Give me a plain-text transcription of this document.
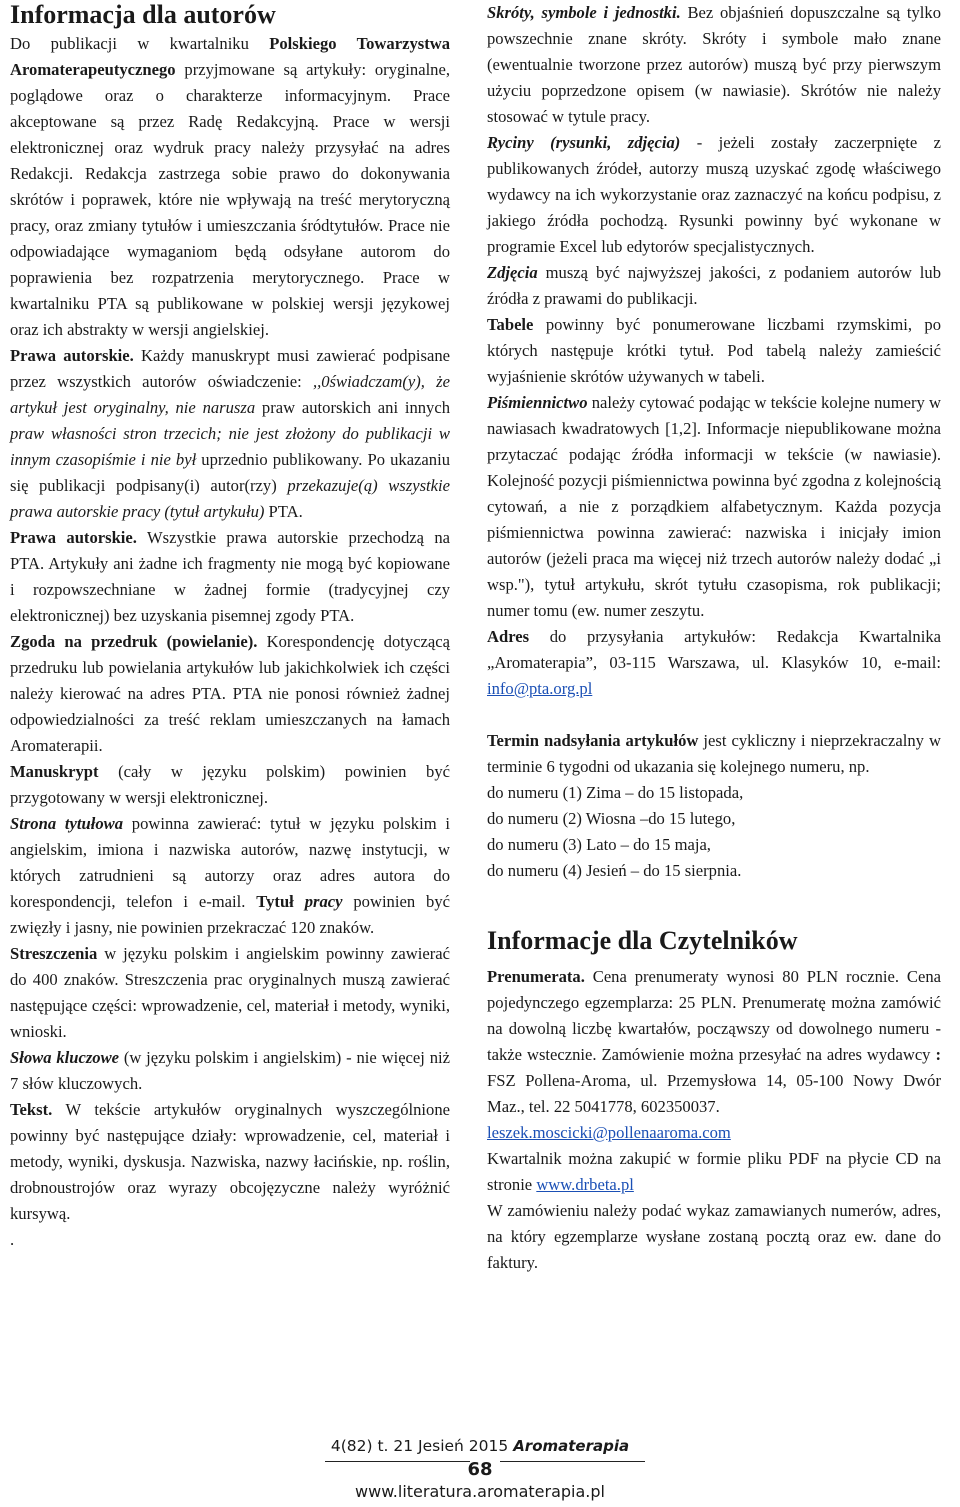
Informacja dla autorów

Do publikacji w kwartalniku Polskiego Towarzystwa Aromaterapeutycznego przyjmowane są artykuły: oryginalne, poglądowe oraz o charakterze informacyjnym. Prace akceptowane są przez Radę Redakcyjną. Prace w wersji elektronicznej oraz wydruk pracy należy przysyłać na adres Redakcji. Redakcja zastrzega sobie prawo do dokonywania skrótów i poprawek, które nie wpływają na treść merytoryczną pracy, oraz zmiany tytułów i umieszczania śródtytułów. Prace nie odpowiadające wymaganiom będą odsyłane autorom do poprawienia bez rozpatrzenia merytorycznego. Prace w kwartalniku PTA są publikowane w polskiej wersji językowej oraz ich abstrakty w wersji angielskiej.

Prawa autorskie. Każdy manuskrypt musi zawierać podpisane przez wszystkich autorów oświadczenie: ,,0świadczam(y), że artykuł jest oryginalny, nie narusza praw autorskich ani innych praw własności stron trzecich; nie jest złożony do publikacji w innym czasopiśmie i nie był uprzednio publikowany. Po ukazaniu się publikacji podpisany(i) autor(rzy) przekazuje(ą) wszystkie prawa autorskie pracy (tytuł artykułu) PTA.

Prawa autorskie. Wszystkie prawa autorskie przechodzą na PTA. Artykuły ani żadne ich fragmenty nie mogą być kopiowane i rozpowszechniane w żadnej formie (tradycyjnej czy elektronicznej) bez uzyskania pisemnej zgody PTA.

Zgoda na przedruk (powielanie). Korespondencję dotyczącą przedruku lub powielania artykułów lub jakichkolwiek ich części należy kierować na adres PTA. PTA nie ponosi również żadnej odpowiedzialności za treść reklam umieszczanych na łamach Aromaterapii.

Manuskrypt (cały w języku polskim) powinien być przygotowany w wersji elektronicznej.

Strona tytułowa powinna zawierać: tytuł w języku polskim i angielskim, imiona i nazwiska autorów, nazwę instytucji, w których zatrudnieni są autorzy oraz adres autora do korespondencji, telefon i e-mail. Tytuł pracy powinien być zwięzły i jasny, nie powinien przekraczać 120 znaków.

Streszczenia w języku polskim i angielskim powinny zawierać do 400 znaków. Streszczenia prac oryginalnych muszą zawierać następujące części: wprowadzenie, cel, materiał i metody, wyniki, wnioski.

Słowa kluczowe (w języku polskim i angielskim) - nie więcej niż 7 słów kluczowych.

Tekst. W tekście artykułów oryginalnych wyszczególnione powinny być następujące działy: wprowadzenie, cel, materiał i metody, wyniki, dyskusja. Nazwiska, nazwy łacińskie, np. roślin, drobnoustrojów oraz wyrazy obcojęzyczne należy wyróżnić kursywą.

.

Skróty, symbole i jednostki. Bez objaśnień dopuszczalne są tylko powszechnie znane skróty. Skróty i symbole mało znane (ewentualnie tworzone przez autorów) muszą być przy pierwszym użyciu poprzedzone opisem (w nawiasie). Skrótów nie należy stosować w tytule pracy.

Ryciny (rysunki, zdjęcia) - jeżeli zostały zaczerpnięte z publikowanych źródeł, autorzy muszą uzyskać zgodę właściwego wydawcy na ich wykorzystanie oraz zaznaczyć na końcu podpisu, z jakiego źródła pochodzą. Rysunki powinny być wykonane w programie Excel lub edytorów specjalistycznych.

Zdjęcia muszą być najwyższej jakości, z podaniem autorów lub źródła z prawami do publikacji.

Tabele powinny być ponumerowane liczbami rzymskimi, po których następuje krótki tytuł. Pod tabelą należy zamieścić wyjaśnienie skrótów używanych w tabeli.

Piśmiennictwo należy cytować podając w tekście kolejne numery w nawiasach kwadratowych [1,2]. Informacje niepublikowane można przytaczać podając źródła informacji w tekście (w nawiasie). Kolejność pozycji piśmiennictwa powinna być zgodna z kolejnością cytowań, a nie z porządkiem alfabetycznym. Każda pozycja piśmiennictwa powinna zawierać: nazwiska i inicjały imion autorów (jeżeli praca ma więcej niż trzech autorów należy dodać „i wsp."), tytuł artykułu, skrót tytułu czasopisma, rok publikacji; numer tomu (ew. numer zeszytu.

Adres do przysyłania artykułów: Redakcja Kwartalnika „Aromaterapia”, 03-115 Warszawa, ul. Klasyków 10, e-mail: info@pta.org.pl

Termin nadsyłania artykułów jest cykliczny i nieprzekraczalny w terminie 6 tygodni od ukazania się kolejnego numeru, np.

do numeru (1) Zima – do 15 listopada,

do numeru (2) Wiosna –do 15 lutego,

do numeru (3) Lato – do 15 maja,

do numeru (4) Jesień – do 15 sierpnia.

Informacje dla Czytelników

Prenumerata. Cena prenumeraty wynosi 80 PLN rocznie. Cena pojedynczego egzemplarza: 25 PLN. Prenumeratę można zamówić na dowolną liczbę kwartałów, począwszy od dowolnego numeru - także wstecznie. Zamówienie można przesyłać na adres wydawcy : FSZ Pollena-Aroma, ul. Przemysłowa 14, 05-100 Nowy Dwór Maz., tel. 22 5041778, 602350037.

leszek.moscicki@pollenaaroma.com

Kwartalnik można zakupić w formie pliku PDF na płycie CD na stronie www.drbeta.pl

W zamówieniu należy podać wykaz zamawianych numerów, adres, na który egzemplarze wysłane zostaną pocztą oraz ew. dane do faktury.

4(82) t. 21 Jesień 2015 Aromaterapia
68
www.literatura.aromaterapia.pl
